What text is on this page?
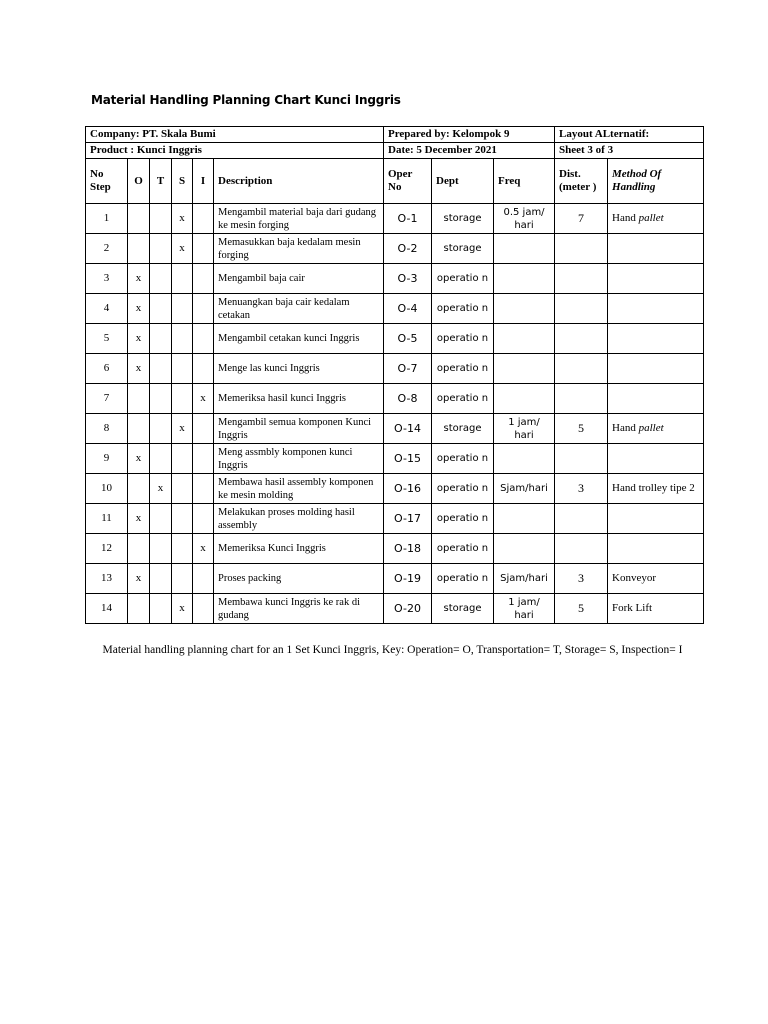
Material Handling Planning Chart Kunci Inggris
Company: PT. Skala Bumi						Prepared by: Kelompok 9			Layout ALternatif:	
Product : Kunci Inggris						Date: 5 December 2021			Sheet 3 of 3	
No Step	O	T	S	I	Description	Oper No	Dept	Freq	Dist. (meter )	Method Of Handling
1			x		Mengambil material baja dari gudang ke mesin forging	O-1	storage	0.5 jam/ hari	7	Hand pallet
2			x		Memasukkan baja kedalam mesin forging	O-2	storage			
3	x				Mengambil baja cair	O-3	operatio n			
4	x				Menuangkan baja cair kedalam cetakan	O-4	operatio n			
5	x				Mengambil cetakan kunci Inggris	O-5	operatio n			
6	x				Menge las kunci Inggris	O-7	operatio n			
7				x	Memeriksa hasil kunci Inggris	O-8	operatio n			
8			x		Mengambil semua komponen Kunci Inggris	O-14	storage	1 jam/ hari	5	Hand pallet
9	x				Meng assmbly komponen kunci Inggris	O-15	operatio n			
10		x			Membawa hasil assembly komponen ke mesin molding	O-16	operatio n	Sjam/hari	3	Hand trolley tipe 2
11	x				Melakukan proses molding hasil assembly	O-17	operatio n			
12				x	Memeriksa Kunci Inggris	O-18	operatio n			
13	x				Proses packing	O-19	operatio n	Sjam/hari	3	Konveyor
14			x		Membawa kunci Inggris ke rak di gudang	O-20	storage	1 jam/ hari	5	Fork Lift
Material handling planning chart for an 1 Set Kunci Inggris, Key: Operation= O, Transportation= T, Storage= S, Inspection= I
